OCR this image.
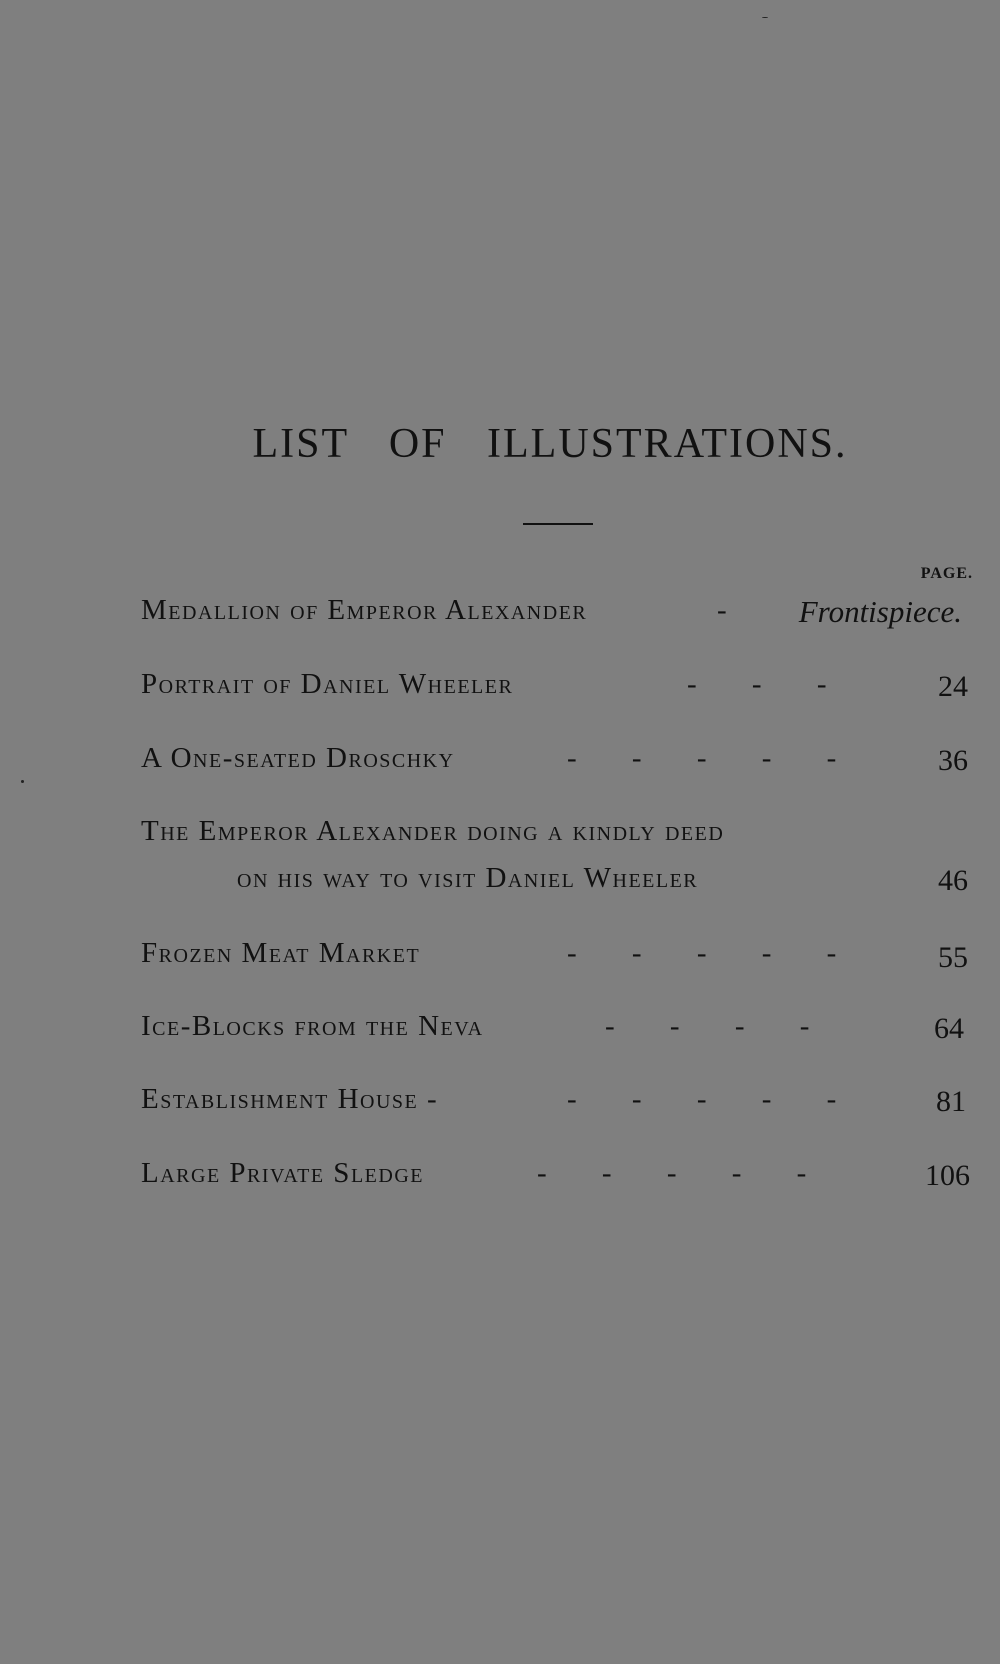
LIST OF ILLUSTRATIONS.
PAGE.
Medallion of Emperor Alexander	- Frontispiece.
Portrait of Daniel Wheeler	- - -	24
A One-seated Droschky	- - - - -	36
The Emperor Alexander doing a kindly deed
on his way to visit Daniel Wheeler	46
Frozen Meat Market	- - - - -	55
Ice-Blocks from the Neva	- - - -	64
Establishment House -	- - - - -	81
Large Private Sledge	- - - - -	106
